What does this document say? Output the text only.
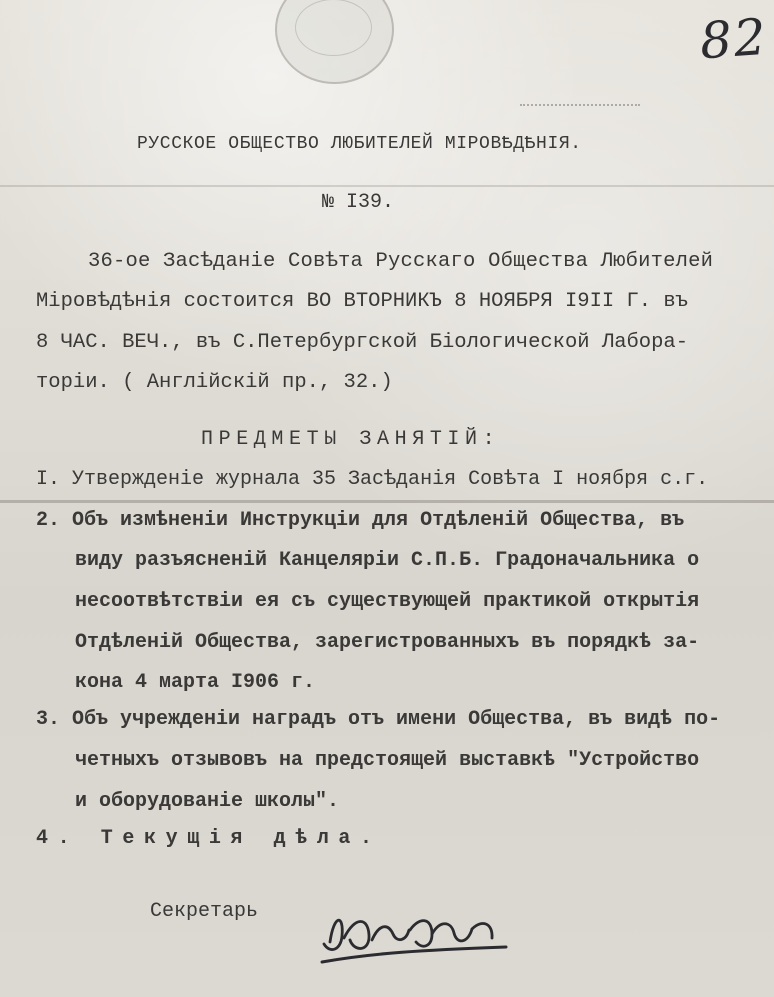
82
РУССКОЕ ОБЩЕСТВО ЛЮБИТЕЛЕЙ МIРОВѢДѢНIЯ.
№ I39.
36-ое Засѣданіе Совѣта Русскаго Общества Любителей
Міровѣдѣнія состоится ВО ВТОРНИКЪ 8 НОЯБРЯ I9II Г. въ
8 ЧАС. ВЕЧ., въ С.Петербургской Біологической Лабора-
торіи. ( Англійскій пр., 32.)
ПРЕДМЕТЫ ЗАНЯТIЙ:
I. Утвержденіе журнала 35 Засѣданія Совѣта I ноября с.г.
2. Объ измѣненіи Инструкціи для Отдѣленій Общества, въ
виду разъясненій Канцеляріи С.П.Б. Градоначальника о
несоотвѣтствіи ея съ существующей практикой открытія
Отдѣленій Общества, зарегистрованныхъ въ порядкѣ за-
кона 4 марта I906 г.
3. Объ учрежденіи наградъ отъ имени Общества, въ видѣ по-
четныхъ отзывовъ на предстоящей выставкѣ "Устройство
и оборудованіе школы".
4. Текущія дѣла.
Секретарь
